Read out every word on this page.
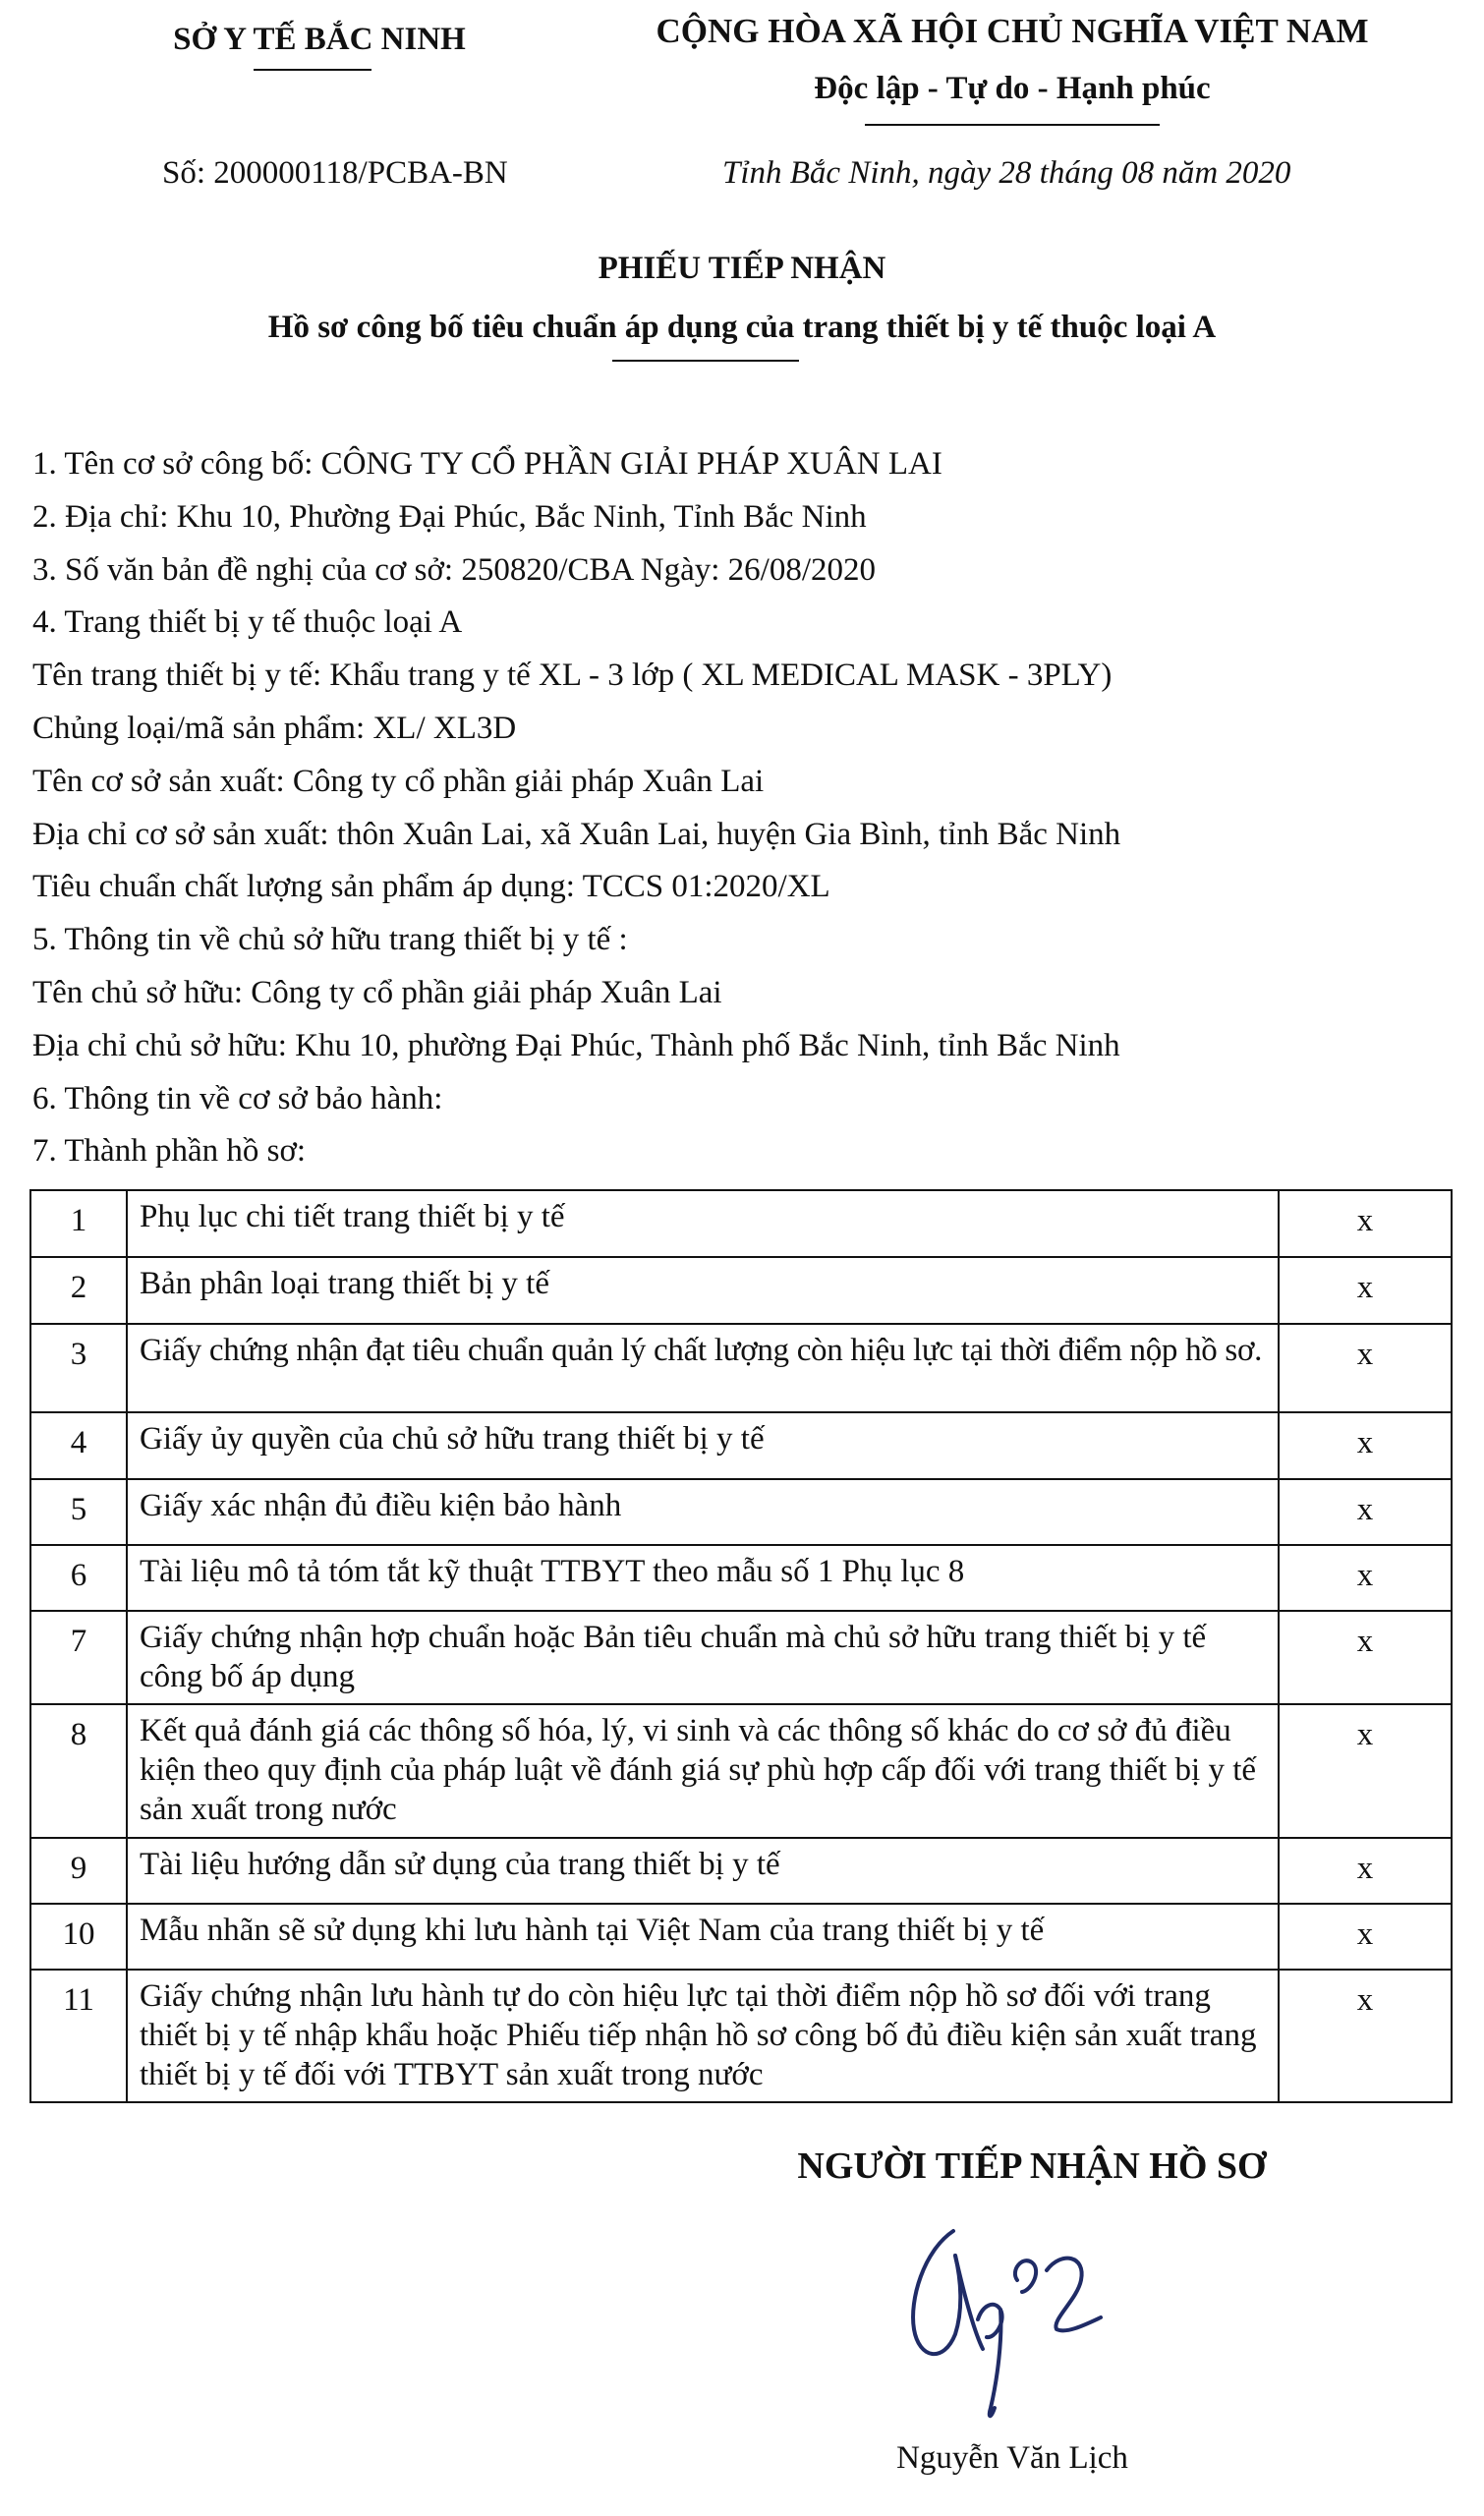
SỞ Y TẾ BẮC NINH	CỘNG HÒA XÃ HỘI CHỦ NGHĨA VIỆT NAM
Độc lập - Tự do - Hạnh phúc
Số: 200000118/PCBA-BN	Tỉnh Bắc Ninh, ngày 28 tháng 08 năm 2020
PHIẾU TIẾP NHẬN
Hồ sơ công bố tiêu chuẩn áp dụng của trang thiết bị y tế thuộc loại A
1. Tên cơ sở công bố: CÔNG TY CỔ PHẦN GIẢI PHÁP XUÂN LAI
2. Địa chỉ: Khu 10, Phường Đại Phúc, Bắc Ninh, Tỉnh Bắc Ninh
3. Số văn bản đề nghị của cơ sở: 250820/CBA Ngày: 26/08/2020
4. Trang thiết bị y tế thuộc loại A
Tên trang thiết bị y tế: Khẩu trang y tế XL - 3 lớp ( XL MEDICAL MASK - 3PLY)
Chủng loại/mã sản phẩm: XL/ XL3D
Tên cơ sở sản xuất: Công ty cổ phần giải pháp Xuân Lai
Địa chỉ cơ sở sản xuất: thôn Xuân Lai, xã Xuân Lai, huyện Gia Bình, tỉnh Bắc Ninh
Tiêu chuẩn chất lượng sản phẩm áp dụng: TCCS 01:2020/XL
5. Thông tin về chủ sở hữu trang thiết bị y tế :
Tên chủ sở hữu: Công ty cổ phần giải pháp Xuân Lai
Địa chỉ chủ sở hữu: Khu 10, phường Đại Phúc, Thành phố Bắc Ninh, tỉnh Bắc Ninh
6. Thông tin về cơ sở bảo hành:
7. Thành phần hồ sơ:
1	Phụ lục chi tiết trang thiết bị y tế	x

2	Bản phân loại trang thiết bị y tế	x

3	Giấy chứng nhận đạt tiêu chuẩn quản lý chất lượng còn hiệu lực tại thời điểm nộp hồ sơ.	x

4	Giấy ủy quyền của chủ sở hữu trang thiết bị y tế	x

5	Giấy xác nhận đủ điều kiện bảo hành	x

6	Tài liệu mô tả tóm tắt kỹ thuật TTBYT theo mẫu số 1 Phụ lục 8	x

7	Giấy chứng nhận hợp chuẩn hoặc Bản tiêu chuẩn mà chủ sở hữu trang thiết bị y tế công bố áp dụng	x

8	Kết quả đánh giá các thông số hóa, lý, vi sinh và các thông số khác do cơ sở đủ điều kiện theo quy định của pháp luật về đánh giá sự phù hợp cấp đối với trang thiết bị y tế sản xuất trong nước	x

9	Tài liệu hướng dẫn sử dụng của trang thiết bị y tế	x

10	Mẫu nhãn sẽ sử dụng khi lưu hành tại Việt Nam của trang thiết bị y tế	x

11	Giấy chứng nhận lưu hành tự do còn hiệu lực tại thời điểm nộp hồ sơ đối với trang thiết bị y tế nhập khẩu hoặc Phiếu tiếp nhận hồ sơ công bố đủ điều kiện sản xuất trang thiết bị y tế đối với TTBYT sản xuất trong nước	x
NGƯỜI TIẾP NHẬN HỒ SƠ
Nguyễn Văn Lịch
